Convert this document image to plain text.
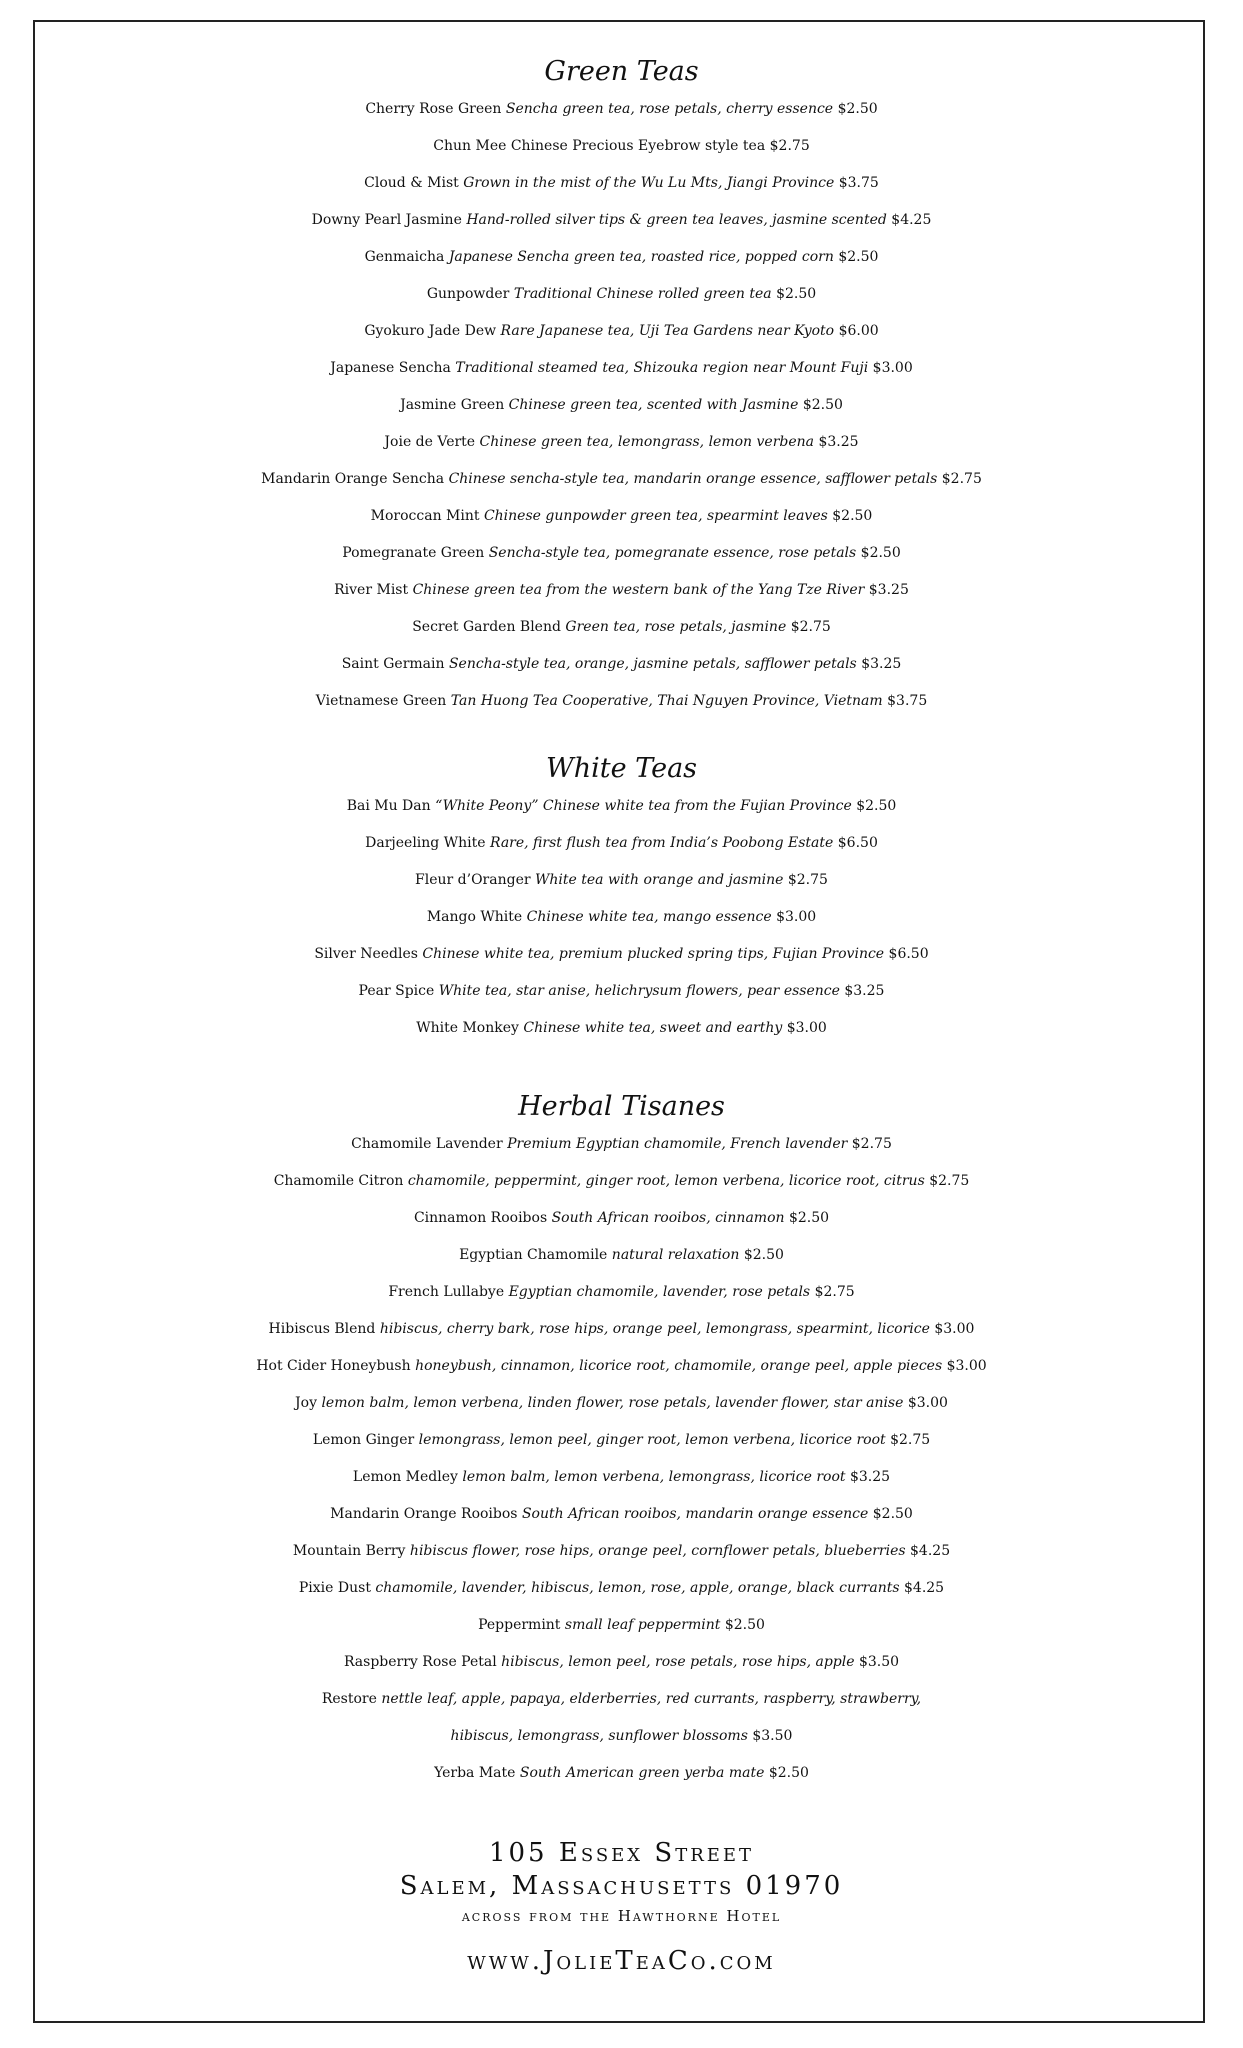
Green Teas
Cherry Rose Green Sencha green tea, rose petals, cherry essence $2.50
Chun Mee Chinese Precious Eyebrow style tea $2.75
Cloud & Mist Grown in the mist of the Wu Lu Mts, Jiangi Province $3.75
Downy Pearl Jasmine Hand-rolled silver tips & green tea leaves, jasmine scented $4.25
Genmaicha Japanese Sencha green tea, roasted rice, popped corn $2.50
Gunpowder Traditional Chinese rolled green tea $2.50
Gyokuro Jade Dew Rare Japanese tea, Uji Tea Gardens near Kyoto $6.00
Japanese Sencha Traditional steamed tea, Shizouka region near Mount Fuji $3.00
Jasmine Green Chinese green tea, scented with Jasmine $2.50
Joie de Verte Chinese green tea, lemongrass, lemon verbena $3.25
Mandarin Orange Sencha Chinese sencha-style tea, mandarin orange essence, safflower petals $2.75
Moroccan Mint Chinese gunpowder green tea, spearmint leaves $2.50
Pomegranate Green Sencha-style tea, pomegranate essence, rose petals $2.50
River Mist Chinese green tea from the western bank of the Yang Tze River $3.25
Secret Garden Blend Green tea, rose petals, jasmine $2.75
Saint Germain Sencha-style tea, orange, jasmine petals, safflower petals $3.25
Vietnamese Green Tan Huong Tea Cooperative, Thai Nguyen Province, Vietnam $3.75
White Teas
Bai Mu Dan “White Peony” Chinese white tea from the Fujian Province $2.50
Darjeeling White Rare, first flush tea from India’s Poobong Estate $6.50
Fleur d’Oranger White tea with orange and jasmine $2.75
Mango White Chinese white tea, mango essence $3.00
Silver Needles Chinese white tea, premium plucked spring tips, Fujian Province $6.50
Pear Spice White tea, star anise, helichrysum flowers, pear essence $3.25
White Monkey Chinese white tea, sweet and earthy $3.00
Herbal Tisanes
Chamomile Lavender Premium Egyptian chamomile, French lavender $2.75
Chamomile Citron chamomile, peppermint, ginger root, lemon verbena, licorice root, citrus $2.75
Cinnamon Rooibos South African rooibos, cinnamon $2.50
Egyptian Chamomile natural relaxation $2.50
French Lullabye Egyptian chamomile, lavender, rose petals $2.75
Hibiscus Blend hibiscus, cherry bark, rose hips, orange peel, lemongrass, spearmint, licorice $3.00
Hot Cider Honeybush honeybush, cinnamon, licorice root, chamomile, orange peel, apple pieces $3.00
Joy lemon balm, lemon verbena, linden flower, rose petals, lavender flower, star anise $3.00
Lemon Ginger lemongrass, lemon peel, ginger root, lemon verbena, licorice root $2.75
Lemon Medley lemon balm, lemon verbena, lemongrass, licorice root $3.25
Mandarin Orange Rooibos South African rooibos, mandarin orange essence $2.50
Mountain Berry hibiscus flower, rose hips, orange peel, cornflower petals, blueberries $4.25
Pixie Dust chamomile, lavender, hibiscus, lemon, rose, apple, orange, black currants $4.25
Peppermint small leaf peppermint $2.50
Raspberry Rose Petal hibiscus, lemon peel, rose petals, rose hips, apple $3.50
Restore nettle leaf, apple, papaya, elderberries, red currants, raspberry, strawberry,
hibiscus, lemongrass, sunflower blossoms $3.50
Yerba Mate South American green yerba mate $2.50
105 Essex Street
Salem, Massachusetts 01970
across from the Hawthorne Hotel
www.JolieTeaCo.com
